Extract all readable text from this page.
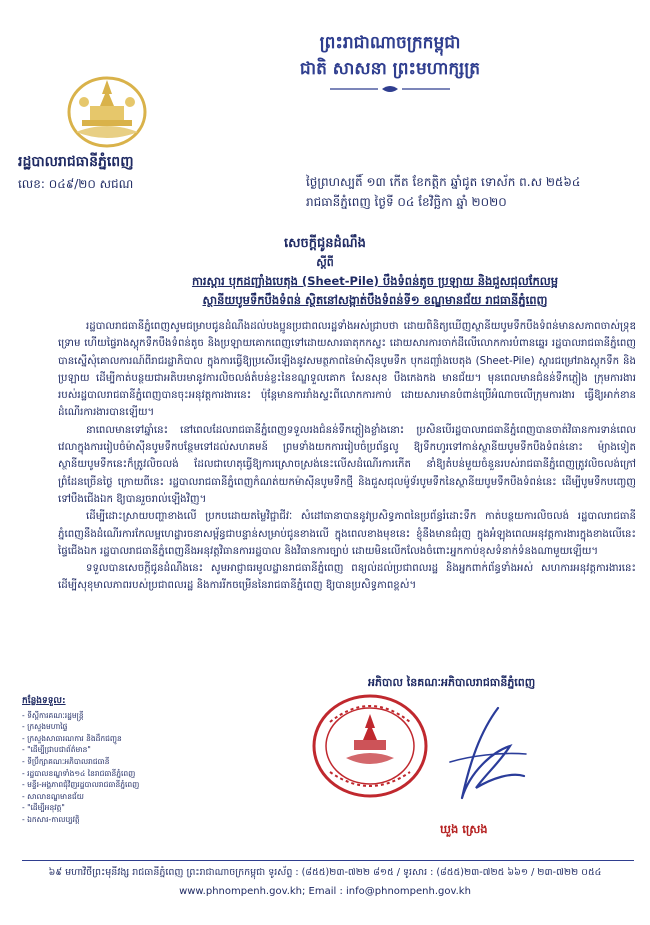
ព្រះរាជាណាចក្រកម្ពុជា
ជាតិ សាសនា ព្រះមហាក្សត្រ
រដ្ឋបាលរាជធានីភ្នំពេញ
លេខ: ០៤៩/២០ សជណ	ថ្ងៃព្រហស្បតិ៍ ១៣ កើត ខែកត្តិក ឆ្នាំជូត ទោស័ក ព.ស ២៥៦៤
រាជធានីភ្នំពេញ ថ្ងៃទី ០៤ ខែវិច្ឆិកា ឆ្នាំ ២០២០
សេចក្តីជូនដំណឹង
ស្តីពី
ការស្តារ បុកដញ្ជាំងបេតុង (Sheet-Pile) បឹងទំពន់តូច ប្រឡាយ និងជួសជុលកែលម្អ
ស្ថានីយបូមទឹកបឹងទំពន់ ស្ថិតនៅសង្កាត់បឹងទំពន់ទី១ ខណ្ឌមានជ័យ រាជធានីភ្នំពេញ

រដ្ឋបាលរាជធានីភ្នំពេញសូមជម្រាបជូនដំណឹងដល់បងប្អូនប្រជាពលរដ្ឋទាំងអស់ជ្រាបថា ដោយពិនិត្យឃើញស្ថានីយបូមទឹកបឹងទំពន់មានសភាពចាស់ទ្រុឌទ្រោម ហើយផ្ទៃរាងស្តុកទឹកបឹងទំពន់តូច និងប្រឡាយគោកពេញទៅដោយសារធាតុកកស្ទះ ដោយសារការចាក់ដីលើលោកការបំពានឆ្នេរ រដ្ឋបាលរាជធានីភ្នំពេញបានស្នើសុំគោលការណ៍ពីរាជរដ្ឋាភិបាល ក្នុងការធ្វើឱ្យប្រសើរឡើងនូវសមត្ថភាពនៃម៉ាស៊ីនបូមទឹក បុកដញ្ជាំងបេតុង (Sheet-Pile) ស្តារជម្រៅរាងស្តុកទឹក និងប្រឡាយ ដើម្បីកាត់បន្ថយជាអតិបរមានូវការលិចលង់តំបន់ខ្លះនៃខណ្ឌទួលគោក សែនសុខ បឹងកេងកង មានជ័យ។ មុនពេលមានជំនន់ទឹកភ្លៀង ក្រុមការងាររបស់រដ្ឋបាលរាជធានីភ្នំពេញបានចុះអនុវត្តការងារនេះ ប៉ុន្តែមានការរាំងស្ទះពីលោកការកាប់ ដោយសារមានបំពាន់ប្រើអំណាចលើក្រុមការងារ ធ្វើឱ្យអាក់ខានដំណើរការងារបានឡើយ។

នាពេលមានទៅឆ្នាំនេះ នៅពេលដែលរាជធានីភ្នំពេញទទួលរងជំនន់ទឹកភ្លៀងខ្លាំងនោះ ប្រសិនបើរដ្ឋបាលរាជធានីភ្នំពេញបានចាត់វិធានការទាន់ពេលវេលាក្នុងការរៀបចំម៉ាស៊ីនបូមទឹកបន្ថែមទៅដល់សហគមន៍ ព្រមទាំងយកការរៀបចំប្រព័ន្ធលូ ឱ្យទឹកហូរទៅកាន់ស្ថានីយបូមទឹកបឹងទំពន់នោះ ម៉្យាងទៀតស្ថានីយបូមទឹកនេះក៏ត្រូវលិចលង់ ដែលជាហេតុធ្វើឱ្យការស្រោចស្រង់នេះលើសដំណើរការកើត នាំឱ្យតំបន់មួយចំនួនរបស់រាជធានីភ្នំពេញត្រូវលិចលង់ក្រៅព្រំដែនច្រើនថ្ងៃ ក្រោយពីនេះ រដ្ឋបាលរាជធានីភ្នំពេញកំណត់យកម៉ាស៊ីនបូមទឹកថ្មី និងជួសជុលម៉ូទ័របូមទឹកនៃស្ថានីយបូមទឹកបឹងទំពន់នេះ ដើម្បីបូមទឹកបញ្ចេញទៅបឹងជើងឯក ឱ្យបានរួចរាល់ឡើងវិញ។

ដើម្បីដោះស្រាយបញ្ហាខាងលើ ប្រកបដោយតម្លៃវិជ្ជាជីវៈ សំដៅធានាបាននូវប្រសិទ្ធភាពនៃប្រព័ន្ធរំដោះទឹក កាត់បន្ថយការលិចលង់ រដ្ឋបាលរាជធានីភ្នំពេញនឹងដំណើរការកែលម្អហេដ្ឋារចនាសម្ព័ន្ធជាបន្ទាន់សម្រាប់ជូនខាងលើ ក្នុងពេលខាងមុខនេះ ខ្ញុំនឹងមានជំរុញ ក្នុងអំឡុងពេលអនុវត្តការងារក្នុងខាងលើនេះ ផ្ទៃជើងឯក រដ្ឋបាលរាជធានីភ្នំពេញនឹងអនុវត្តវិធានការរដ្ឋបាល និងវិធានការច្បាប់ ដោយមិនលើកលែងចំពោះអ្នកកាប់ខុសទំនាក់ទំនងណាមួយឡើយ។

ទទួលបានសេចក្តីជូនដំណឹងនេះ សូមអាជ្ញាធរមូលដ្ឋានរាជធានីភ្នំពេញ ពន្យល់ដល់ប្រជាពលរដ្ឋ និងអ្នកពាក់ព័ន្ធទាំងអស់ សហការអនុវត្តការងារនេះ ដើម្បីសុខុមាលភាពរបស់ប្រជាពលរដ្ឋ និងការរីកចម្រើននៃរាជធានីភ្នំពេញ ឱ្យបានប្រសិទ្ធភាពខ្ពស់។

អភិបាល នៃគណៈអភិបាលរាជធានីភ្នំពេញ
ឃួង ស្រេង
កន្លែងទទួល:
- ទីស្តីការគណៈរដ្ឋមន្ត្រី
- ក្រសួងមហាផ្ទៃ
- ក្រសួងសាធារណការ និងដឹកជញ្ជូន
- "ដើម្បីជ្រាបជាព័ត៌មាន"
- ទីប្រឹក្សាគណៈអភិបាលរាជធានី
- រដ្ឋបាលខណ្ឌទាំង១៤ នៃរាជធានីភ្នំពេញ
- មន្ទីរ-អង្គភាពជុំវិញរដ្ឋបាលរាជធានីភ្នំពេញ
- សាលាខណ្ឌមានជ័យ
- "ដើម្បីអនុវត្ត"
- ឯកសារ-កាលប្បវត្តិ
៦៩ មហាវិថីព្រះមុនីវង្ស រាជធានីភ្នំពេញ ព្រះរាជាណាចក្រកម្ពុជា ទូរស័ព្ទ : (៨៥៥)២៣-៧២២ ៨១៥ / ទូរសារ : (៨៥៥)២៣-៧២៥ ៦៦១ / ២៣-៧២២ ០៥៤
www.phnompenh.gov.kh; Email : info@phnompenh.gov.kh
